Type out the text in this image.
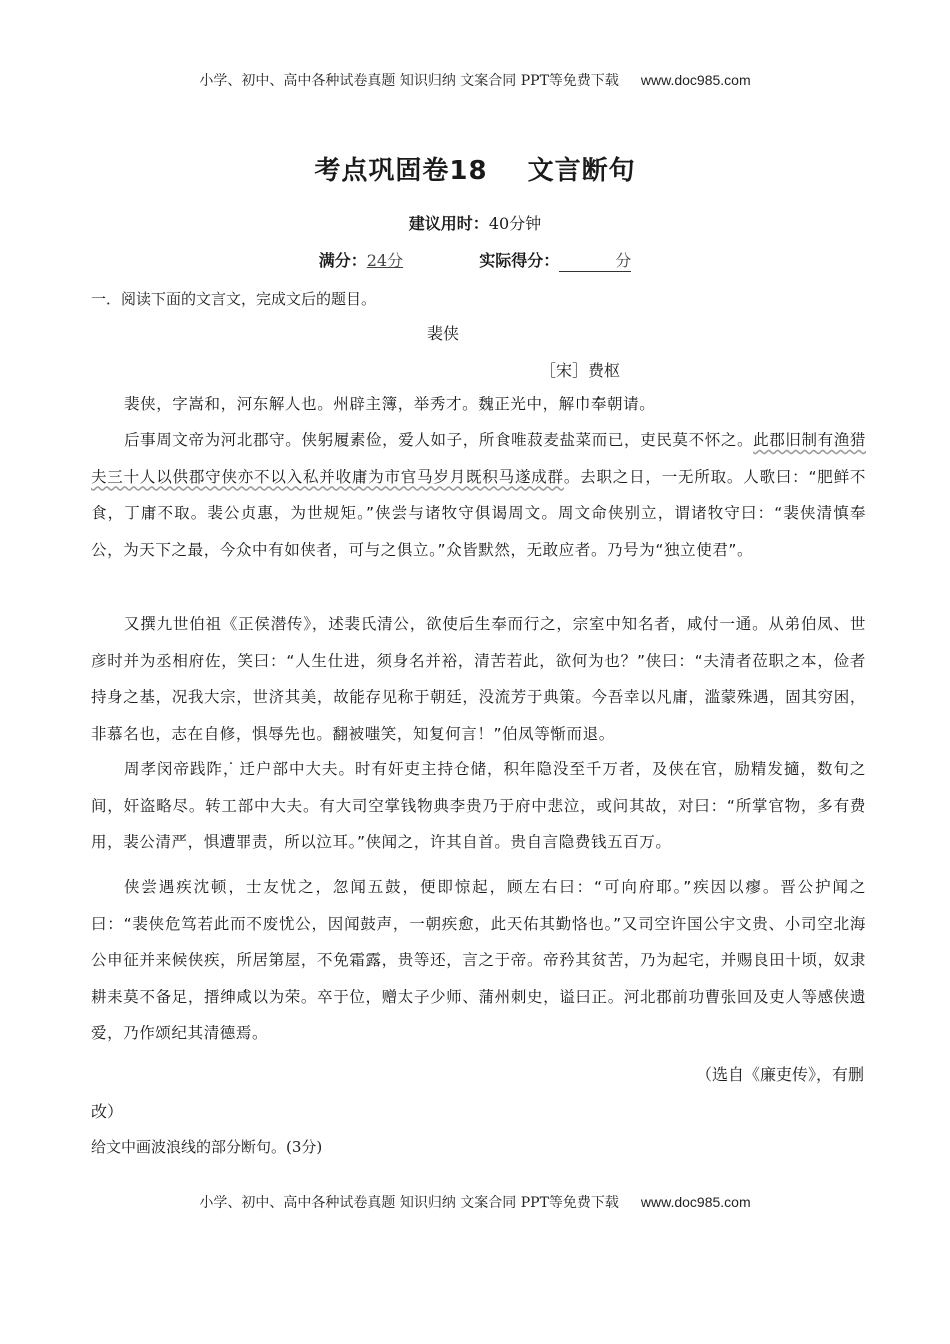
小学、初中、高中各种试卷真题 知识归纳 文案合同 PPT等免费下载 www.doc985.com
考点巩固卷18 文言断句
建议用时：40分钟
满分：24分	实际得分：	分
一．阅读下面的文言文，完成文后的题目。
裴侠
［宋］费枢
裴侠，字嵩和，河东解人也。州辟主簿，举秀才。魏正光中，解巾奉朝请。
后事周文帝为河北郡守。侠躬履素俭，爱人如子，所食唯菽麦盐菜而已，吏民莫不怀之。此郡旧制有渔猎夫三十人以供郡守侠亦不以入私并收庸为市官马岁月既积马遂成群。去职之日，一无所取。人歌曰：“肥鲜不食，丁庸不取。裴公贞惠，为世规矩。”侠尝与诸牧守俱谒周文。周文命侠别立，谓诸牧守曰：“裴侠清慎奉公，为天下之最，今众中有如侠者，可与之俱立。”众皆默然，无敢应者。乃号为“独立使君”。
又撰九世伯祖《正侯潜传》，述裴氏清公，欲使后生奉而行之，宗室中知名者，咸付一通。从弟伯凤、世彦时并为丞相府佐，笑曰：“人生仕进，须身名并裕，清苦若此，欲何为也？”侠曰：“夫清者莅职之本，俭者持身之基，况我大宗，世济其美，故能存见称于朝廷，没流芳于典策。今吾幸以凡庸，滥蒙殊遇，固其穷困，非慕名也，志在自修，惧辱先也。翻被嗤笑，知复何言！”伯凤等惭而退。
周孝闵帝践阼，迁户部中大夫。时有奸吏主持仓储，积年隐没至千万者，及侠在官，励精发擿，数旬之间，奸盗略尽。转工部中大夫。有大司空掌钱物典李贵乃于府中悲泣，或问其故，对曰：“所掌官物，多有费用，裴公清严，惧遭罪责，所以泣耳。”侠闻之，许其自首。贵自言隐费钱五百万。
侠尝遇疾沈顿，士友忧之，忽闻五鼓，便即惊起，顾左右曰：“可向府耶。”疾因以瘳。晋公护闻之曰：“裴侠危笃若此而不废忧公，因闻鼓声，一朝疾愈，此天佑其勤恪也。”又司空许国公宇文贵、小司空北海公申征并来候侠疾，所居第屋，不免霜露，贵等还，言之于帝。帝矜其贫苦，乃为起宅，并赐良田十顷，奴隶耕耒莫不备足，搢绅咸以为荣。卒于位，赠太子少师、蒲州刺史，谥曰正。河北郡前功曹张回及吏人等感侠遗爱，乃作颂纪其清德焉。
（选自《廉吏传》，有删
改）
给文中画波浪线的部分断句。(3分)
小学、初中、高中各种试卷真题 知识归纳 文案合同 PPT等免费下载 www.doc985.com
